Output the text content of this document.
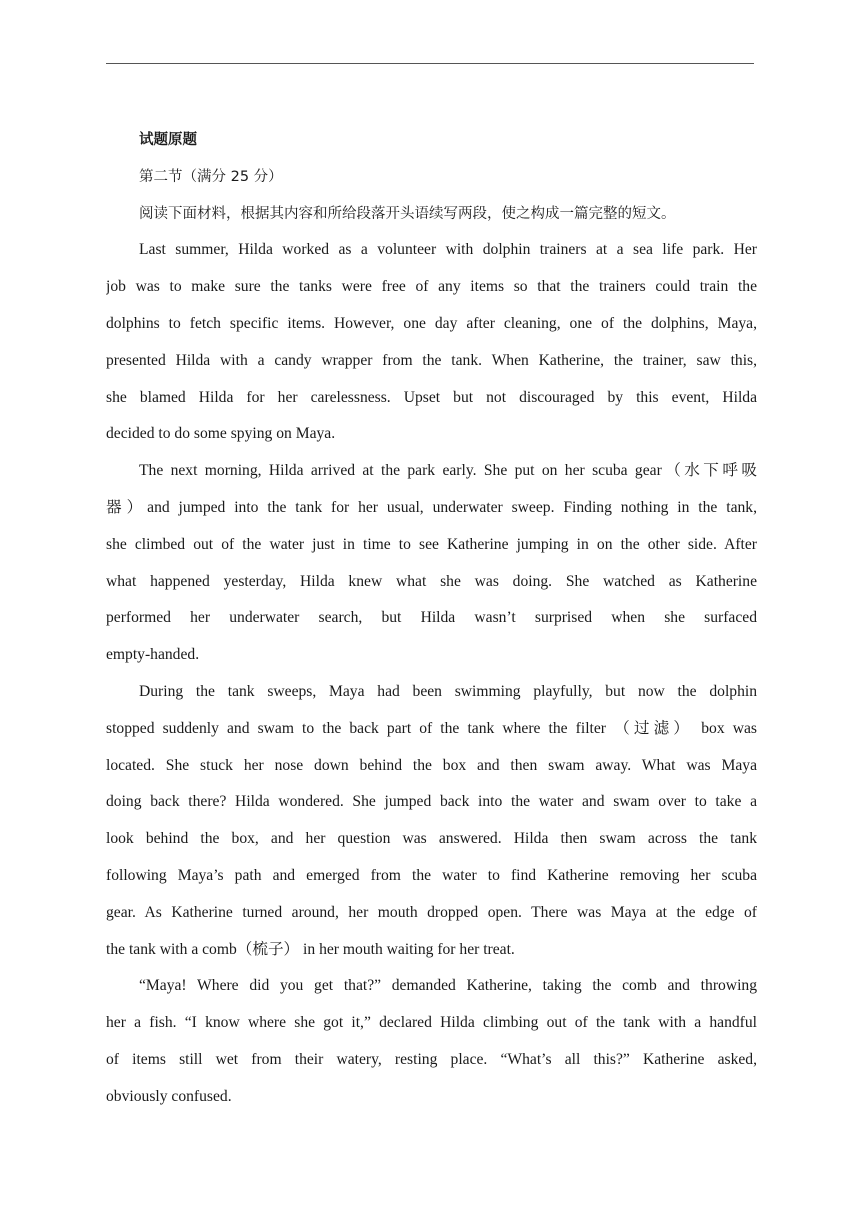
试题原题
第二节（满分 25 分）
阅读下面材料，根据其内容和所给段落开头语续写两段，使之构成一篇完整的短文。
Last summer, Hilda worked as a volunteer with dolphin trainers at a sea life park. Her
job was to make sure the tanks were free of any items so that the trainers could train the
dolphins to fetch specific items. However, one day after cleaning, one of the dolphins, Maya,
presented Hilda with a candy wrapper from the tank. When Katherine, the trainer, saw this,
she blamed Hilda for her carelessness. Upset but not discouraged by this event, Hilda
decided to do some spying on Maya.
The next morning, Hilda arrived at the park early. She put on her scuba gear（水下呼吸
器）and jumped into the tank for her usual, underwater sweep. Finding nothing in the tank,
she climbed out of the water just in time to see Katherine jumping in on the other side. After
what happened yesterday, Hilda knew what she was doing. She watched as Katherine
performed her underwater search, but Hilda wasn’t surprised when she surfaced
empty-handed.
During the tank sweeps, Maya had been swimming playfully, but now the dolphin
stopped suddenly and swam to the back part of the tank where the filter （过滤） box was
located. She stuck her nose down behind the box and then swam away. What was Maya
doing back there? Hilda wondered. She jumped back into the water and swam over to take a
look behind the box, and her question was answered. Hilda then swam across the tank
following Maya’s path and emerged from the water to find Katherine removing her scuba
gear. As Katherine turned around, her mouth dropped open. There was Maya at the edge of
the tank with a comb（梳子） in her mouth waiting for her treat.
“Maya! Where did you get that?” demanded Katherine, taking the comb and throwing
her a fish. “I know where she got it,” declared Hilda climbing out of the tank with a handful
of items still wet from their watery, resting place. “What’s all this?” Katherine asked,
obviously confused.
